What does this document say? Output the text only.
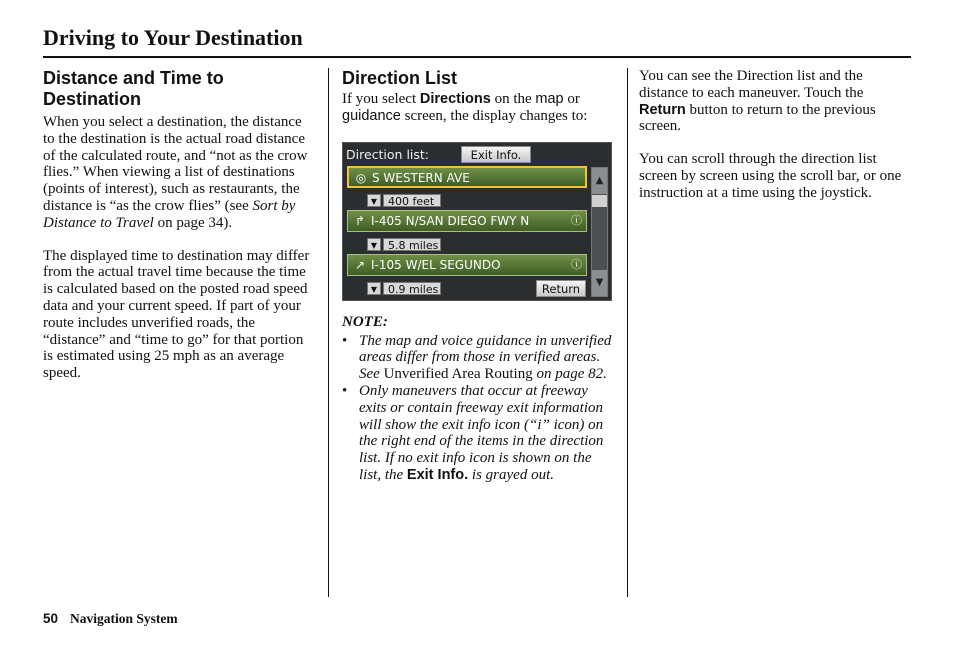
Driving to Your Destination
Distance and Time to Destination

When you select a destination, the distance to the destination is the actual road distance of the calculated route, and “not as the crow flies.” When viewing a list of destinations (points of interest), such as restaurants, the distance is “as the crow flies” (see Sort by Distance to Travel on page 34).

The displayed time to destination may differ from the actual travel time because the time is calculated based on the posted road speed data and your current speed. If part of your route includes unverified roads, the “distance” and “time to go” for that portion is estimated using 25 mph as an average speed.

Direction List

If you select Directions on the map or guidance screen, the display changes to:

Direction list:	Exit Info.
◎ S WESTERN AVE
▼ 400 feet
↱ I-405 N/SAN DIEGO FWY N	ⓘ
▼ 5.8 miles
↗ I-105 W/EL SEGUNDO	ⓘ
▼ 0.9 miles	Return
▲
▼
NOTE:
• The map and voice guidance in unverified areas differ from those in verified areas. See Unverified Area Routing on page 82.
• Only maneuvers that occur at freeway exits or contain freeway exit information will show the exit info icon (“i” icon) on the right end of the items in the direction list. If no exit info icon is shown on the list, the Exit Info. is grayed out.

You can see the Direction list and the distance to each maneuver. Touch the Return button to return to the previous screen.

You can scroll through the direction list screen by screen using the scroll bar, or one instruction at a time using the joystick.

50 Navigation System
